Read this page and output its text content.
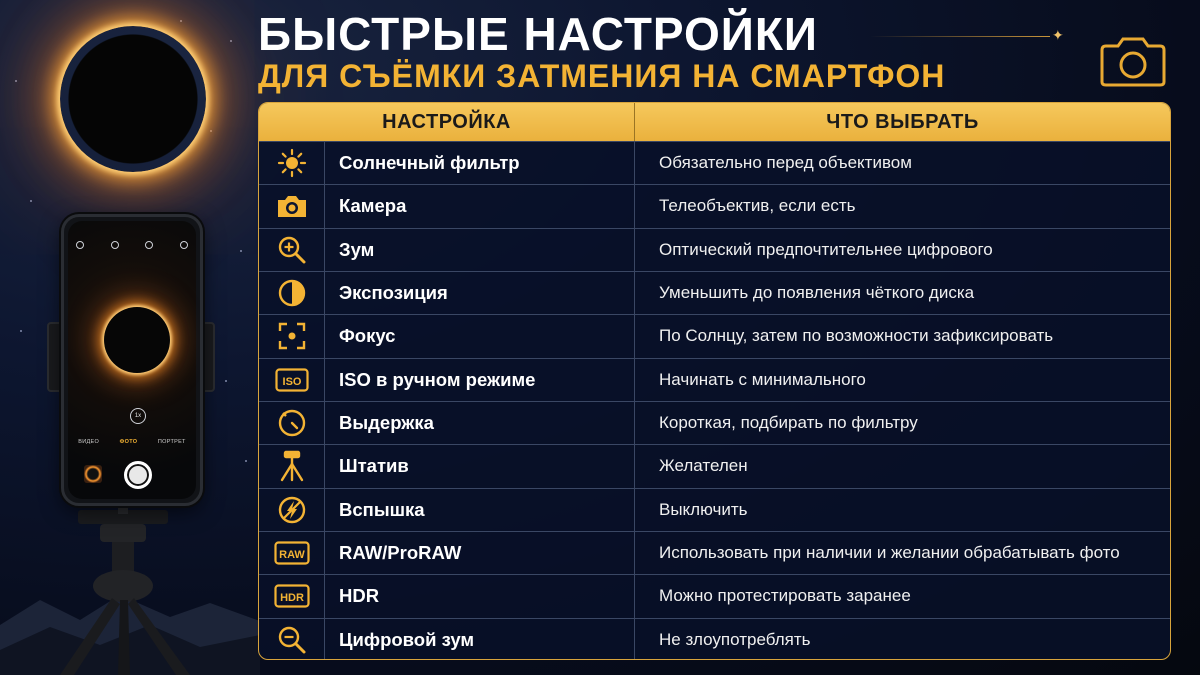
1x
ВИДЕО	ФОТО	ПОРТРЕТ
БЫСТРЫЕ НАСТРОЙКИ
ДЛЯ СЪЁМКИ ЗАТМЕНИЯ НА СМАРТФОН
✦
НАСТРОЙКА	ЧТО ВЫБРАТЬ
Солнечный фильтр	Обязательно перед объективом
Камера	Телеобъектив, если есть
Зум	Оптический предпочтительнее цифрового
Экспозиция	Уменьшить до появления чёткого диска
Фокус	По Солнцу, затем по возможности зафиксировать
ISO	ISO в ручном режиме	Начинать с минимального
Выдержка	Короткая, подбирать по фильтру
Штатив	Желателен
Вспышка	Выключить
RAW	RAW/ProRAW	Использовать при наличии и желании обрабатывать фото
HDR	HDR	Можно протестировать заранее
Цифровой зум	Не злоупотреблять
